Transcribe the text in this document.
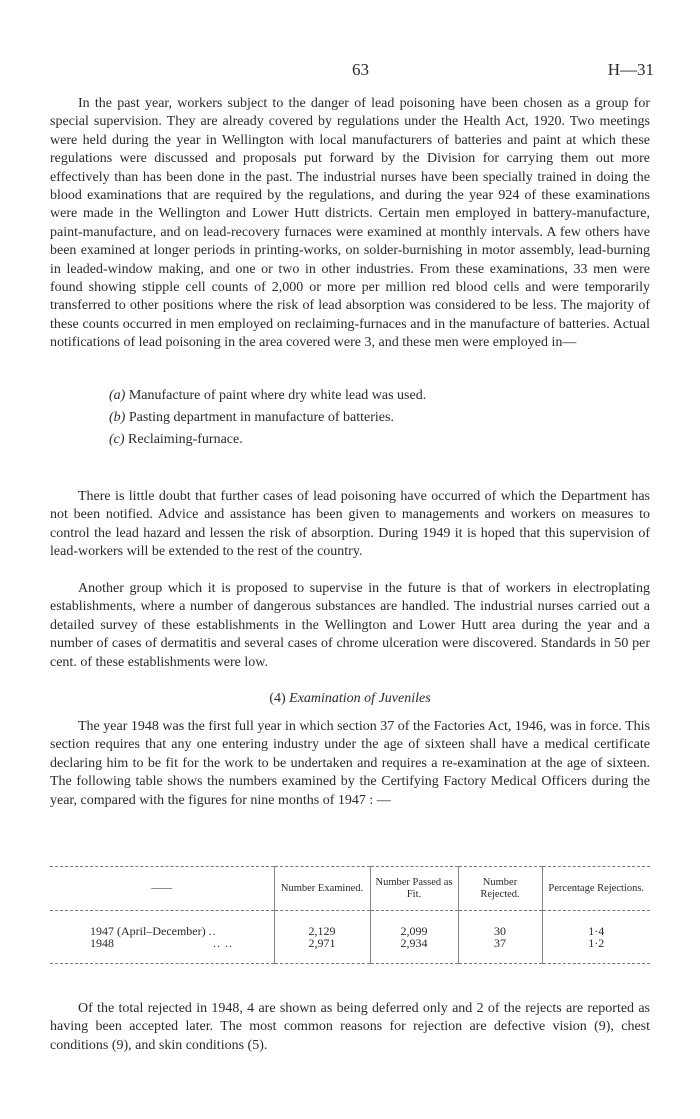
63	H—31

In the past year, workers subject to the danger of lead poisoning have been chosen as a group for special supervision. They are already covered by regulations under the Health Act, 1920. Two meetings were held during the year in Wellington with local manufacturers of batteries and paint at which these regulations were discussed and proposals put forward by the Division for carrying them out more effectively than has been done in the past. The industrial nurses have been specially trained in doing the blood examinations that are required by the regulations, and during the year 924 of these examinations were made in the Wellington and Lower Hutt districts. Certain men employed in battery-manufacture, paint-manufacture, and on lead-recovery furnaces were examined at monthly intervals. A few others have been examined at longer periods in printing-works, on solder-burnishing in motor assembly, lead-burning in leaded-window making, and one or two in other industries. From these examinations, 33 men were found showing stipple cell counts of 2,000 or more per million red blood cells and were temporarily transferred to other positions where the risk of lead absorption was considered to be less. The majority of these counts occurred in men employed on reclaiming-furnaces and in the manufacture of batteries. Actual notifications of lead poisoning in the area covered were 3, and these men were employed in—

(a) Manufacture of paint where dry white lead was used.
(b) Pasting department in manufacture of batteries.
(c) Reclaiming-furnace.

There is little doubt that further cases of lead poisoning have occurred of which the Department has not been notified. Advice and assistance has been given to managements and workers on measures to control the lead hazard and lessen the risk of absorption. During 1949 it is hoped that this supervision of lead-workers will be extended to the rest of the country.

Another group which it is proposed to supervise in the future is that of workers in electroplating establishments, where a number of dangerous substances are handled. The industrial nurses carried out a detailed survey of these establishments in the Wellington and Lower Hutt area during the year and a number of cases of dermatitis and several cases of chrome ulceration were discovered. Standards in 50 per cent. of these establishments were low.

(4) Examination of Juveniles

The year 1948 was the first full year in which section 37 of the Factories Act, 1946, was in force. This section requires that any one entering industry under the age of sixteen shall have a medical certificate declaring him to be fit for the work to be undertaken and requires a re-examination at the age of sixteen. The following table shows the numbers examined by the Certifying Factory Medical Officers during the year, compared with the figures for nine months of 1947 : —

——	Number Examined.	Number Passed as Fit.	Number Rejected.	Percentage Rejections.
1947 (April–December) ..	2,129	2,099	30	1·4
1948 .. ..	2,971	2,934	37	1·2

Of the total rejected in 1948, 4 are shown as being deferred only and 2 of the rejects are reported as having been accepted later. The most common reasons for rejection are defective vision (9), chest conditions (9), and skin conditions (5).
